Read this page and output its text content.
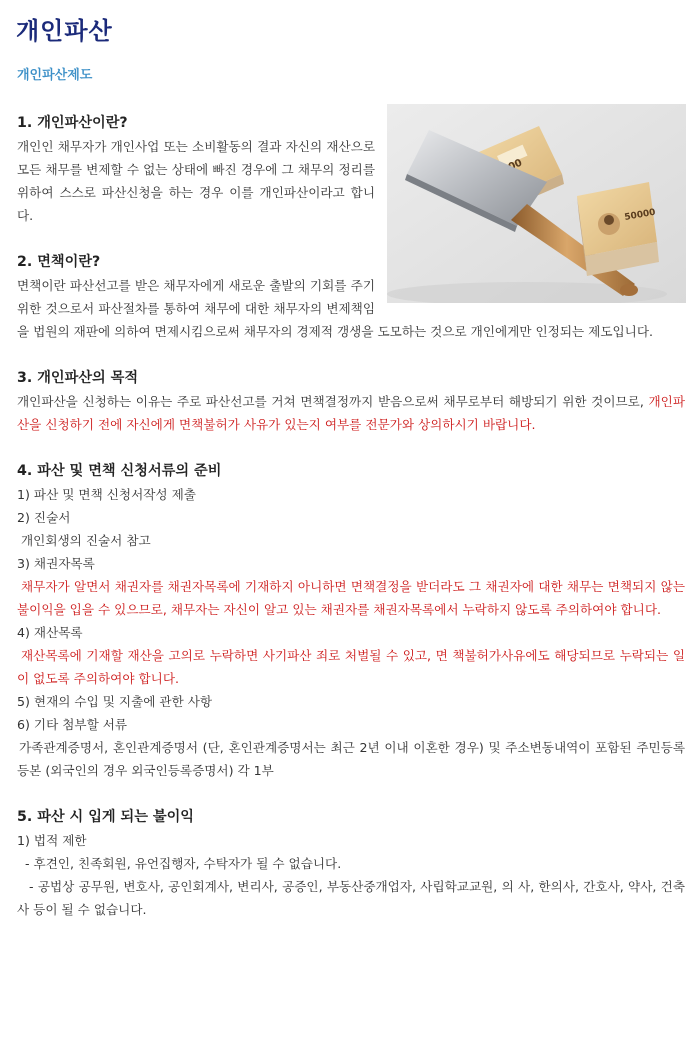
개인파산
개인파산제도
50000
1. 개인파산이란?

개인인 채무자가 개인사업 또는 소비활동의 결과 자신의 재산으로 모든 채무를 변제할 수 없는 상태에 빠진 경우에 그 채무의 정리를 위하여 스스로 파산신청을 하는 경우 이를 개인파산이라고 합니다.

2. 면책이란?

면책이란 파산선고를 받은 채무자에게 새로운 출발의 기회를 주기 위한 것으로서 파산절차를 통하여 채무에 대한 채무자의 변제책임을 법원의 재판에 의하여 면제시킴으로써 채무자의 경제적 갱생을 도모하는 것으로 개인에게만 인정되는 제도입니다.

3. 개인파산의 목적

개인파산을 신청하는 이유는 주로 파산선고를 거쳐 면책결정까지 받음으로써 채무로부터 해방되기 위한 것이므로, 개인파산을 신청하기 전에 자신에게 면책불허가 사유가 있는지 여부를 전문가와 상의하시기 바랍니다.

4. 파산 및 면책 신청서류의 준비

1) 파산 및 면책 신청서작성 제출

2) 진술서

개인회생의 진술서 참고

3) 채권자목록

채무자가 알면서 채권자를 채권자목록에 기재하지 아니하면 면책결정을 받더라도 그 채권자에 대한 채무는 면책되지 않는 불이익을 입을 수 있으므로, 채무자는 자신이 알고 있는 채권자를 채권자목록에서 누락하지 않도록 주의하여야 합니다.

4) 재산목록

재산목록에 기재할 재산을 고의로 누락하면 사기파산 죄로 처벌될 수 있고, 면 책불허가사유에도 해당되므로 누락되는 일이 없도록 주의하여야 합니다.

5) 현재의 수입 및 지출에 관한 사항

6) 기타 첨부할 서류

가족관계증명서, 혼인관계증명서 (단, 혼인관계증명서는 최근 2년 이내 이혼한 경우) 및 주소변동내역이 포함된 주민등록등본 (외국인의 경우 외국인등록증명서) 각 1부

5. 파산 시 입게 되는 불이익

1) 법적 제한

- 후견인, 친족회원, 유언집행자, 수탁자가 될 수 없습니다.

- 공법상 공무원, 변호사, 공인회계사, 변리사, 공증인, 부동산중개업자, 사립학교교원, 의 사, 한의사, 간호사, 약사, 건축사 등이 될 수 없습니다.
